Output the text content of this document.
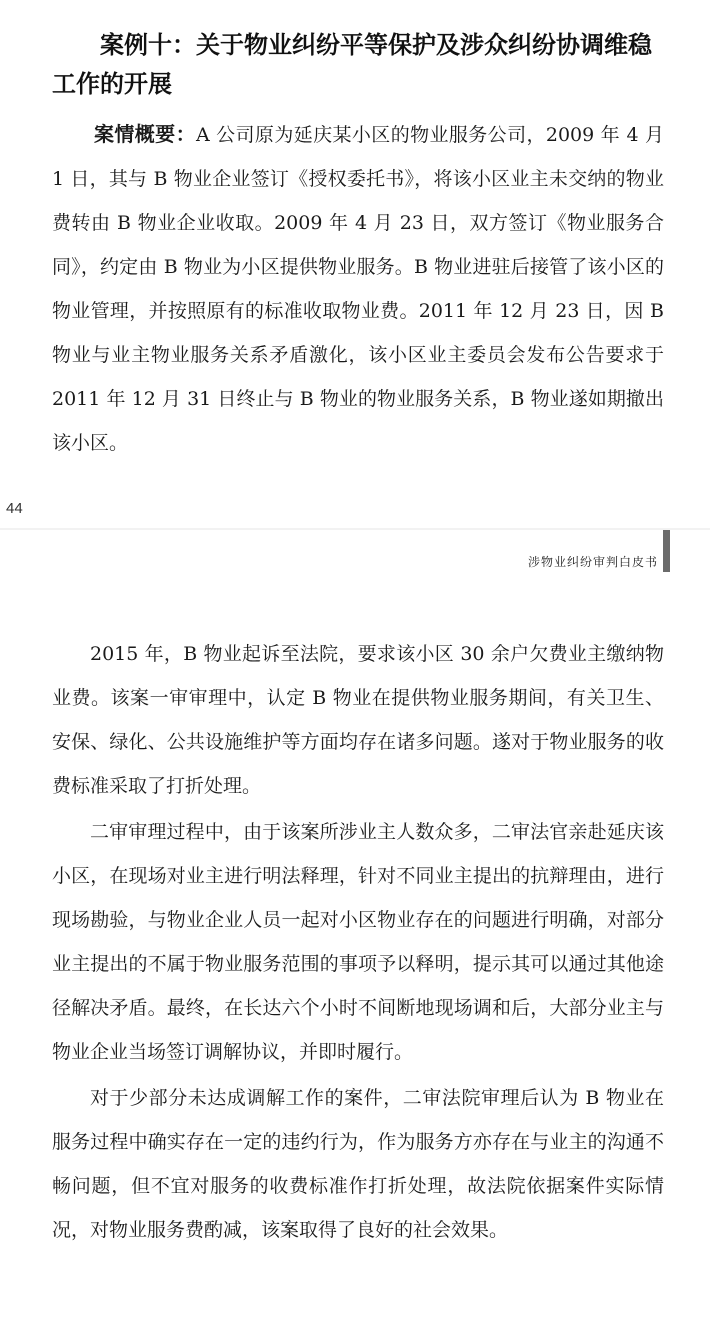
案例十：关于物业纠纷平等保护及涉众纠纷协调维稳工作的开展

案情概要：A 公司原为延庆某小区的物业服务公司，2009 年 4 月 1 日，其与 B 物业企业签订《授权委托书》，将该小区业主未交纳的物业费转由 B 物业企业收取。2009 年 4 月 23 日，双方签订《物业服务合同》，约定由 B 物业为小区提供物业服务。B 物业进驻后接管了该小区的物业管理，并按照原有的标准收取物业费。2011 年 12 月 23 日，因 B 物业与业主物业服务关系矛盾激化，该小区业主委员会发布公告要求于 2011 年 12 月 31 日终止与 B 物业的物业服务关系，B 物业遂如期撤出该小区。

44
涉物业纠纷审判白皮书

2015 年，B 物业起诉至法院，要求该小区 30 余户欠费业主缴纳物业费。该案一审审理中，认定 B 物业在提供物业服务期间，有关卫生、安保、绿化、公共设施维护等方面均存在诸多问题。遂对于物业服务的收费标准采取了打折处理。

二审审理过程中，由于该案所涉业主人数众多，二审法官亲赴延庆该小区，在现场对业主进行明法释理，针对不同业主提出的抗辩理由，进行现场勘验，与物业企业人员一起对小区物业存在的问题进行明确，对部分业主提出的不属于物业服务范围的事项予以释明，提示其可以通过其他途径解决矛盾。最终，在长达六个小时不间断地现场调和后，大部分业主与物业企业当场签订调解协议，并即时履行。

对于少部分未达成调解工作的案件，二审法院审理后认为 B 物业在服务过程中确实存在一定的违约行为，作为服务方亦存在与业主的沟通不畅问题，但不宜对服务的收费标准作打折处理，故法院依据案件实际情况，对物业服务费酌减，该案取得了良好的社会效果。
